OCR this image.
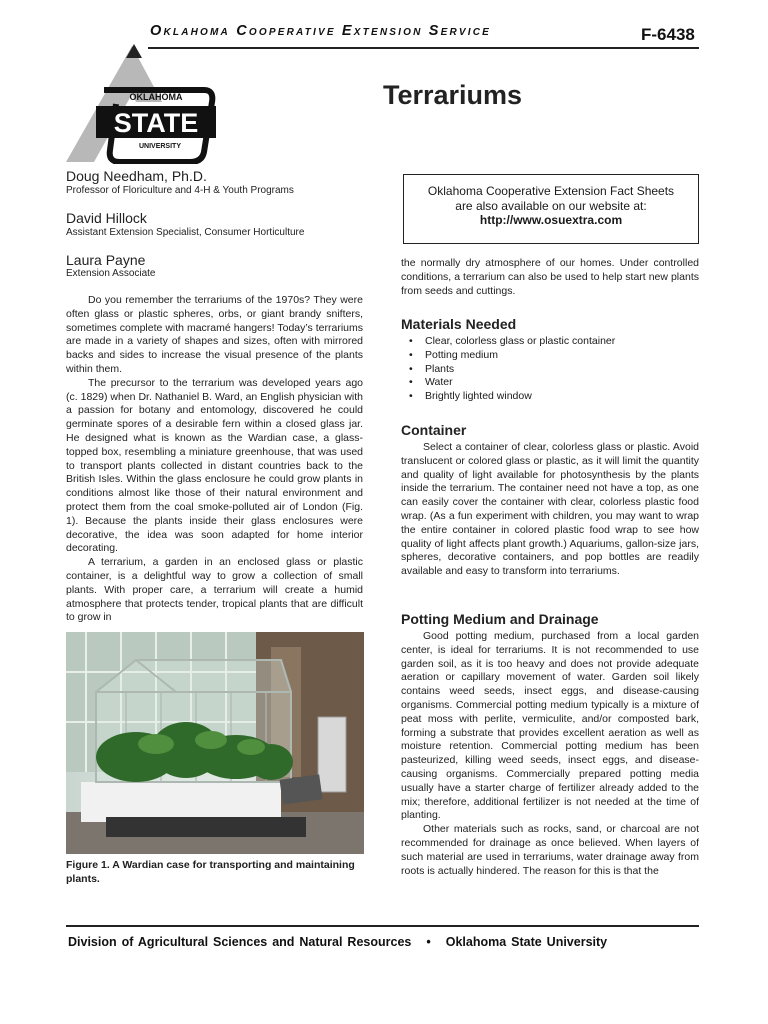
Oklahoma Cooperative Extension Service	F-6438
Terrariums
OKLAHOMA
STATE
UNIVERSITY
Doug Needham, Ph.D.
Professor of Floriculture and 4-H & Youth Programs
David Hillock
Assistant Extension Specialist, Consumer Horticulture
Laura Payne
Extension Associate
Oklahoma Cooperative Extension Fact Sheets
are also available on our website at:
http://www.osuextra.com

Do you remember the terrariums of the 1970s? They were often glass or plastic spheres, orbs, or giant brandy snifters, sometimes complete with macramé hangers! Today’s terrariums are made in a variety of shapes and sizes, often with mirrored backs and sides to increase the visual presence of the plants within them.

The precursor to the terrarium was developed years ago (c. 1829) when Dr. Nathaniel B. Ward, an English physician with a passion for botany and entomology, discovered he could germinate spores of a desirable fern within a closed glass jar. He designed what is known as the Wardian case, a glass-topped box, resembling a miniature greenhouse, that was used to transport plants collected in distant countries back to the British Isles. Within the glass enclosure he could grow plants in conditions almost like those of their natural environment and protect them from the coal smoke-polluted air of London (Fig. 1). Because the plants inside their glass enclosures were decorative, the idea was soon adapted for home interior decorating.

A terrarium, a garden in an enclosed glass or plastic container, is a delightful way to grow a collection of small plants. With proper care, a terrarium will create a humid atmosphere that protects tender, tropical plants that are difficult to grow in

Figure 1. A Wardian case for transporting and maintaining plants.
the normally dry atmosphere of our homes. Under controlled conditions, a terrarium can also be used to help start new plants from seeds and cuttings.
Materials Needed
• Clear, colorless glass or plastic container
• Potting medium
• Plants
• Water
• Brightly lighted window
Container

Select a container of clear, colorless glass or plastic. Avoid translucent or colored glass or plastic, as it will limit the quantity and quality of light available for photosynthesis by the plants inside the terrarium. The container need not have a top, as one can easily cover the container with clear, colorless plastic food wrap. (As a fun experiment with children, you may want to wrap the entire container in colored plastic food wrap to see how quality of light affects plant growth.) Aquariums, gallon-size jars, spheres, decorative containers, and pop bottles are readily available and easy to transform into terrariums.

Potting Medium and Drainage

Good potting medium, purchased from a local garden center, is ideal for terrariums. It is not recommended to use garden soil, as it is too heavy and does not provide adequate aeration or capillary movement of water. Garden soil likely contains weed seeds, insect eggs, and disease-causing organisms. Commercial potting medium typically is a mixture of peat moss with perlite, vermiculite, and/or composted bark, forming a substrate that provides excellent aeration as well as moisture retention. Commercial potting medium has been pasteurized, killing weed seeds, insect eggs, and disease-causing organisms. Commercially prepared potting media usually have a starter charge of fertilizer already added to the mix; therefore, additional fertilizer is not needed at the time of planting.

Other materials such as rocks, sand, or charcoal are not recommended for drainage as once believed. When layers of such material are used in terrariums, water drainage away from roots is actually hindered. The reason for this is that the

Division of Agricultural Sciences and Natural Resources • Oklahoma State University
